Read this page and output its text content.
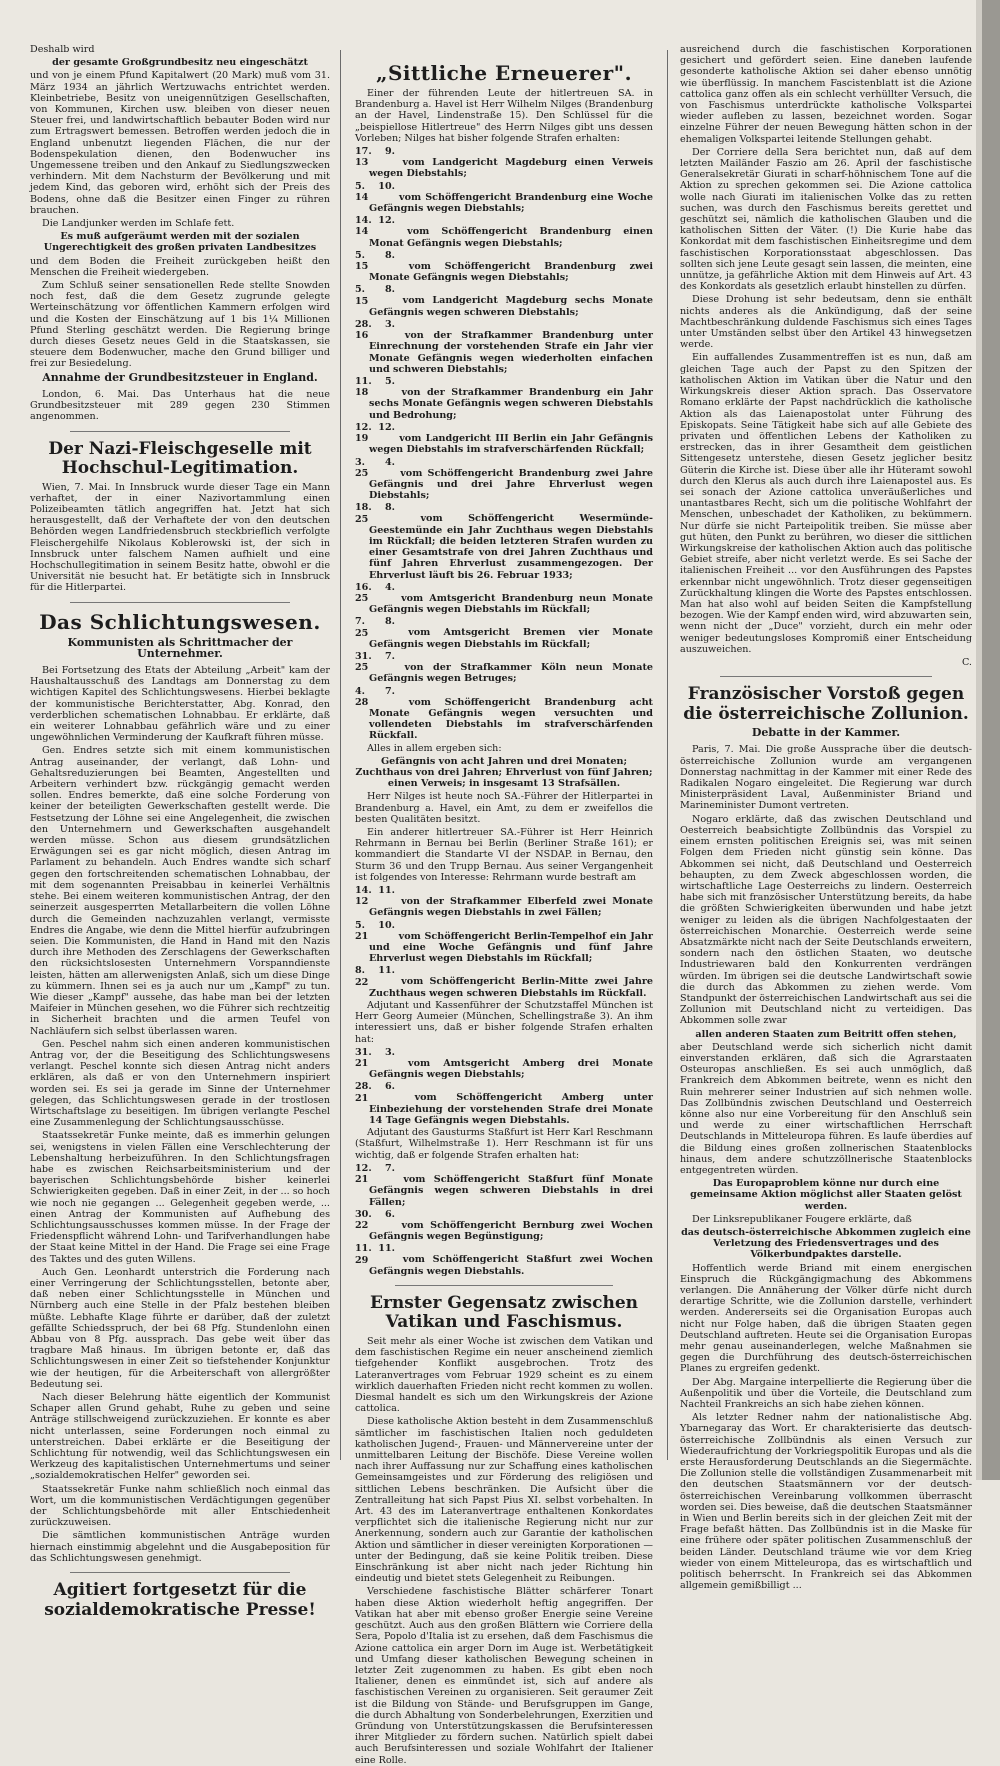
Deshalb wird

der gesamte Großgrundbesitz neu eingeschätzt

und von je einem Pfund Kapitalwert (20 Mark) muß vom 31. März 1934 an jährlich Wertzuwachs entrichtet werden. Kleinbetriebe, Besitz von uneigennützigen Gesellschaften, von Kommunen, Kirchen usw. bleiben von dieser neuen Steuer frei, und landwirtschaftlich bebauter Boden wird nur zum Ertragswert bemessen. Betroffen werden jedoch die in England unbenutzt liegenden Flächen, die nur der Bodenspekulation dienen, den Bodenwucher ins Ungemessene treiben und den Ankauf zu Siedlungszwecken verhindern. Mit dem Nachsturm der Bevölkerung und mit jedem Kind, das geboren wird, erhöht sich der Preis des Bodens, ohne daß die Besitzer einen Finger zu rühren brauchen.

Die Landjunker werden im Schlafe fett.

Es muß aufgeräumt werden mit der sozialen Ungerechtigkeit des großen privaten Landbesitzes

und dem Boden die Freiheit zurückgeben heißt den Menschen die Freiheit wiedergeben.

Zum Schluß seiner sensationellen Rede stellte Snowden noch fest, daß die dem Gesetz zugrunde gelegte Werteinschätzung vor öffentlichen Kammern erfolgen wird und die Kosten der Einschätzung auf 1 bis 1¼ Millionen Pfund Sterling geschätzt werden. Die Regierung bringe durch dieses Gesetz neues Geld in die Staatskassen, sie steuere dem Bodenwucher, mache den Grund billiger und frei zur Besiedelung.

Annahme der Grundbesitzsteuer in England.

London, 6. Mai. Das Unterhaus hat die neue Grundbesitzsteuer mit 289 gegen 230 Stimmen angenommen.

Der Nazi-Fleischgeselle mit Hochschul-Legitimation.

Wien, 7. Mai. In Innsbruck wurde dieser Tage ein Mann verhaftet, der in einer Nazivortammlung einen Polizeibeamten tätlich angegriffen hat. Jetzt hat sich herausgestellt, daß der Verhaftete der von den deutschen Behörden wegen Landfriedensbruch steckbrieflich verfolgte Fleischergehilfe Nikolaus Koblerowski ist, der sich in Innsbruck unter falschem Namen aufhielt und eine Hochschullegitimation in seinem Besitz hatte, obwohl er die Universität nie besucht hat. Er betätigte sich in Innsbruck für die Hitlerpartei.

Das Schlichtungswesen.
Kommunisten als Schrittmacher der Unternehmer.

Bei Fortsetzung des Etats der Abteilung „Arbeit" kam der Haushaltausschuß des Landtags am Donnerstag zu dem wichtigen Kapitel des Schlichtungswesens. Hierbei beklagte der kommunistische Berichterstatter, Abg. Konrad, den verderblichen schematischen Lohnabbau. Er erklärte, daß ein weiterer Lohnabbau gefährlich wäre und zu einer ungewöhnlichen Verminderung der Kaufkraft führen müsse.

Gen. Endres setzte sich mit einem kommunistischen Antrag auseinander, der verlangt, daß Lohn- und Gehaltsreduzierungen bei Beamten, Angestellten und Arbeitern verhindert bzw. rückgängig gemacht werden sollen. Endres bemerkte, daß eine solche Forderung von keiner der beteiligten Gewerkschaften gestellt werde. Die Festsetzung der Löhne sei eine Angelegenheit, die zwischen den Unternehmern und Gewerkschaften ausgehandelt werden müsse. Schon aus diesem grundsätzlichen Erwägungen sei es gar nicht möglich, diesen Antrag im Parlament zu behandeln. Auch Endres wandte sich scharf gegen den fortschreitenden schematischen Lohnabbau, der mit dem sogenannten Preisabbau in keinerlei Verhältnis stehe. Bei einem weiteren kommunistischen Antrag, der den seinerzeit ausgesperrten Metallarbeitern die vollen Löhne durch die Gemeinden nachzuzahlen verlangt, vermisste Endres die Angabe, wie denn die Mittel hierfür aufzubringen seien. Die Kommunisten, die Hand in Hand mit den Nazis durch ihre Methoden des Zerschlagens der Gewerkschaften den rücksichtslosesten Unternehmern Vorspanndienste leisten, hätten am allerwenigsten Anlaß, sich um diese Dinge zu kümmern. Ihnen sei es ja auch nur um „Kampf" zu tun. Wie dieser „Kampf" aussehe, das habe man bei der letzten Maifeier in München gesehen, wo die Führer sich rechtzeitig in Sicherheit brachten und die armen Teufel von Nachläufern sich selbst überlassen waren.

Gen. Peschel nahm sich einen anderen kommunistischen Antrag vor, der die Beseitigung des Schlichtungswesens verlangt. Peschel konnte sich diesen Antrag nicht anders erklären, als daß er von den Unternehmern inspiriert worden sei. Es sei ja gerade im Sinne der Unternehmer gelegen, das Schlichtungswesen gerade in der trostlosen Wirtschaftslage zu beseitigen. Im übrigen verlangte Peschel eine Zusammenlegung der Schlichtungsausschüsse.

Staatssekretär Funke meinte, daß es immerhin gelungen sei, wenigstens in vielen Fällen eine Verschlechterung der Lebenshaltung herbeizuführen. In den Schlichtungsfragen habe es zwischen Reichsarbeitsministerium und der bayerischen Schlichtungsbehörde bisher keinerlei Schwierigkeiten gegeben. Daß in einer Zeit, in der ... so hoch wie noch nie gegangen ... Gelegenheit gegeben werde, ... einen Antrag der Kommunisten auf Aufhebung des Schlichtungsausschusses kommen müsse. In der Frage der Friedenspflicht während Lohn- und Tarifverhandlungen habe der Staat keine Mittel in der Hand. Die Frage sei eine Frage des Taktes und des guten Willens.

Auch Gen. Leonhardt unterstrich die Forderung nach einer Verringerung der Schlichtungsstellen, betonte aber, daß neben einer Schlichtungsstelle in München und Nürnberg auch eine Stelle in der Pfalz bestehen bleiben müßte. Lebhafte Klage führte er darüber, daß der zuletzt gefällte Schiedsspruch, der bei 68 Pfg. Stundenlohn einen Abbau von 8 Pfg. aussprach. Das gebe weit über das tragbare Maß hinaus. Im übrigen betonte er, daß das Schlichtungswesen in einer Zeit so tiefstehender Konjunktur wie der heutigen, für die Arbeiterschaft von allergrößter Bedeutung sei.

Nach dieser Belehrung hätte eigentlich der Kommunist Schaper allen Grund gehabt, Ruhe zu geben und seine Anträge stillschweigend zurückzuziehen. Er konnte es aber nicht unterlassen, seine Forderungen noch einmal zu unterstreichen. Dabei erklärte er die Beseitigung der Schlichtung für notwendig, weil das Schlichtungswesen ein Werkzeug des kapitalistischen Unternehmertums und seiner „sozialdemokratischen Helfer" geworden sei.

Staatssekretär Funke nahm schließlich noch einmal das Wort, um die kommunistischen Verdächtigungen gegenüber der Schlichtungsbehörde mit aller Entschiedenheit zurückzuweisen.

Die sämtlichen kommunistischen Anträge wurden hiernach einstimmig abgelehnt und die Ausgabeposition für das Schlichtungswesen genehmigt.

Agitiert fortgesetzt für die sozialdemokratische Presse!
„Sittliche Erneuerer".

Einer der führenden Leute der hitlertreuen SA. in Brandenburg a. Havel ist Herr Wilhelm Nilges (Brandenburg an der Havel, Lindenstraße 15). Den Schlüssel für die „beispiellose Hitlertreue" des Herrn Nilges gibt uns dessen Vorleben; Nilges hat bisher folgende Strafen erhalten:

17. 9. 13	vom Landgericht Magdeburg einen Verweis wegen Diebstahls;

5. 10. 14	vom Schöffengericht Brandenburg eine Woche Gefängnis wegen Diebstahls;

14. 12. 14	vom Schöffengericht Brandenburg einen Monat Gefängnis wegen Diebstahls;

5. 8. 15	vom Schöffengericht Brandenburg zwei Monate Gefängnis wegen Diebstahls;

5. 8. 15	vom Landgericht Magdeburg sechs Monate Gefängnis wegen schweren Diebstahls;

28. 3. 16	von der Strafkammer Brandenburg unter Einrechnung der vorstehenden Strafe ein Jahr vier Monate Gefängnis wegen wiederholten einfachen und schweren Diebstahls;

11. 5. 18	von der Strafkammer Brandenburg ein Jahr sechs Monate Gefängnis wegen schweren Diebstahls und Bedrohung;

12. 12. 19	vom Landgericht III Berlin ein Jahr Gefängnis wegen Diebstahls im strafverschärfenden Rückfall;

3. 4. 25	vom Schöffengericht Brandenburg zwei Jahre Gefängnis und drei Jahre Ehrverlust wegen Diebstahls;

18. 8. 25	vom Schöffengericht Wesermünde-Geestemünde ein Jahr Zuchthaus wegen Diebstahls im Rückfall; die beiden letzteren Strafen wurden zu einer Gesamtstrafe von drei Jahren Zuchthaus und fünf Jahren Ehrverlust zusammengezogen. Der Ehrverlust läuft bis 26. Februar 1933;

16. 4. 25	vom Amtsgericht Brandenburg neun Monate Gefängnis wegen Diebstahls im Rückfall;

7. 8. 25	vom Amtsgericht Bremen vier Monate Gefängnis wegen Diebstahls im Rückfall;

31. 7. 25	von der Strafkammer Köln neun Monate Gefängnis wegen Betruges;

4. 7. 28	vom Schöffengericht Brandenburg acht Monate Gefängnis wegen versuchten und vollendeten Diebstahls im strafverschärfenden Rückfall.

Alles in allem ergeben sich:

Gefängnis von acht Jahren und drei Monaten; Zuchthaus von drei Jahren; Ehrverlust von fünf Jahren; einen Verweis; in insgesamt 13 Strafsällen.

Herr Nilges ist heute noch SA.-Führer der Hitlerpartei in Brandenburg a. Havel, ein Amt, zu dem er zweifellos die besten Qualitäten besitzt.

Ein anderer hitlertreuer SA.-Führer ist Herr Heinrich Rehrmann in Bernau bei Berlin (Berliner Straße 161); er kommandiert die Standarte VI der NSDAP. in Bernau, den Sturm 36 und den Trupp Bernau. Aus seiner Vergangenheit ist folgendes von Interesse: Rehrmann wurde bestraft am

14. 11. 12	von der Strafkammer Elberfeld zwei Monate Gefängnis wegen Diebstahls in zwei Fällen;

5. 10. 21	vom Schöffengericht Berlin-Tempelhof ein Jahr und eine Woche Gefängnis und fünf Jahre Ehrverlust wegen Diebstahls im Rückfall;

8. 11. 22	vom Schöffengericht Berlin-Mitte zwei Jahre Zuchthaus wegen schweren Diebstahls im Rückfall.

Adjutant und Kassenführer der Schutzstaffel München ist Herr Georg Aumeier (München, Schellingstraße 3). An ihm interessiert uns, daß er bisher folgende Strafen erhalten hat:

31. 3. 21	vom Amtsgericht Amberg drei Monate Gefängnis wegen Diebstahls;

28. 6. 21	vom Schöffengericht Amberg unter Einbeziehung der vorstehenden Strafe drei Monate 14 Tage Gefängnis wegen Diebstahls.

Adjutant des Gausturms Staßfurt ist Herr Karl Reschmann (Staßfurt, Wilhelmstraße 1). Herr Reschmann ist für uns wichtig, daß er folgende Strafen erhalten hat:

12. 7. 21	vom Schöffengericht Staßfurt fünf Monate Gefängnis wegen schweren Diebstahls in drei Fällen;

30. 6. 22	vom Schöffengericht Bernburg zwei Wochen Gefängnis wegen Begünstigung;

11. 11. 29	vom Schöffengericht Staßfurt zwei Wochen Gefängnis wegen Diebstahls.

Ernster Gegensatz zwischen Vatikan und Faschismus.

Seit mehr als einer Woche ist zwischen dem Vatikan und dem faschistischen Regime ein neuer anscheinend ziemlich tiefgehender Konflikt ausgebrochen. Trotz des Lateranvertrages vom Februar 1929 scheint es zu einem wirklich dauerhaften Frieden nicht recht kommen zu wollen. Diesmal handelt es sich um den Wirkungskreis der Azione cattolica.

Diese katholische Aktion besteht in dem Zusammenschluß sämtlicher im faschistischen Italien noch geduldeten katholischen Jugend-, Frauen- und Männervereine unter der unmittelbaren Leitung der Bischöfe. Diese Vereine wollen nach ihrer Auffassung nur zur Schaffung eines katholischen Gemeinsamgeistes und zur Förderung des religiösen und sittlichen Lebens beschränken. Die Aufsicht über die Zentralleitung hat sich Papst Pius XI. selbst vorbehalten. In Art. 43 des im Lateranvertrage enthaltenen Konkordates verpflichtet sich die italienische Regierung nicht nur zur Anerkennung, sondern auch zur Garantie der katholischen Aktion und sämtlicher in dieser vereinigten Korporationen — unter der Bedingung, daß sie keine Politik treiben. Diese Einschränkung ist aber nicht nach jeder Richtung hin eindeutig und bietet stets Gelegenheit zu Reibungen.

Verschiedene faschistische Blätter schärferer Tonart haben diese Aktion wiederholt heftig angegriffen. Der Vatikan hat aber mit ebenso großer Energie seine Vereine geschützt. Auch aus den großen Blättern wie Corriere della Sera, Popolo d'Italia ist zu ersehen, daß dem Faschismus die Azione cattolica ein arger Dorn im Auge ist. Werbetätigkeit und Umfang dieser katholischen Bewegung scheinen in letzter Zeit zugenommen zu haben. Es gibt eben noch Italiener, denen es einmündet ist, sich auf andere als faschistischen Vereinen zu organisieren. Seit geraumer Zeit ist die Bildung von Stände- und Berufsgruppen im Gange, die durch Abhaltung von Sonderbelehrungen, Exerzitien und Gründung von Unterstützungskassen die Berufsinteressen ihrer Mitglieder zu fördern suchen. Natürlich spielt dabei auch Berufsinteressen und soziale Wohlfahrt der Italiener eine Rolle.

ausreichend durch die faschistischen Korporationen gesichert und gefördert seien. Eine daneben laufende gesonderte katholische Aktion sei daher ebenso unnötig wie überflüssig. In manchem Fascistenblatt ist die Azione cattolica ganz offen als ein schlecht verhüllter Versuch, die von Faschismus unterdrückte katholische Volkspartei wieder aufleben zu lassen, bezeichnet worden. Sogar einzelne Führer der neuen Bewegung hätten schon in der ehemaligen Volkspartei leitende Stellungen gehabt.

Der Corriere della Sera berichtet nun, daß auf dem letzten Mailänder Faszio am 26. April der faschistische Generalsekretär Giurati in scharf-höhnischem Tone auf die Aktion zu sprechen gekommen sei. Die Azione cattolica wolle nach Giurati im italienischen Volke das zu retten suchen, was durch den Faschismus bereits gerettet und geschützt sei, nämlich die katholischen Glauben und die katholischen Sitten der Väter. (!) Die Kurie habe das Konkordat mit dem faschistischen Einheitsregime und dem faschistischen Korporationsstaat abgeschlossen. Das sollten sich jene Leute gesagt sein lassen, die meinten, eine unnütze, ja gefährliche Aktion mit dem Hinweis auf Art. 43 des Konkordats als gesetzlich erlaubt hinstellen zu dürfen.

Diese Drohung ist sehr bedeutsam, denn sie enthält nichts anderes als die Ankündigung, daß der seine Machtbeschränkung duldende Faschismus sich eines Tages unter Umständen selbst über den Artikel 43 hinwegsetzen werde.

Ein auffallendes Zusammentreffen ist es nun, daß am gleichen Tage auch der Papst zu den Spitzen der katholischen Aktion im Vatikan über die Natur und den Wirkungskreis dieser Aktion sprach. Das Osservatore Romano erklärte der Papst nachdrücklich die katholische Aktion als das Laienapostolat unter Führung des Episkopats. Seine Tätigkeit habe sich auf alle Gebiete des privaten und öffentlichen Lebens der Katholiken zu erstrecken, das in ihrer Gesamtheit dem geistlichen Sittengesetz unterstehe, diesen Gesetz jeglicher besitz Güterin die Kirche ist. Diese über alle ihr Hüteramt sowohl durch den Klerus als auch durch ihre Laienapostel aus. Es sei sonach der Azione cattolica unveräußerliches und unantastbares Recht, sich um die politische Wohlfahrt der Menschen, unbeschadet der Katholiken, zu bekümmern. Nur dürfe sie nicht Parteipolitik treiben. Sie müsse aber gut hüten, den Punkt zu berühren, wo dieser die sittlichen Wirkungskreise der katholischen Aktion auch das politische Gebiet streife, aber nicht verletzt werde. Es sei Sache der italienischen Freiheit ... vor den Ausführungen des Papstes erkennbar nicht ungewöhnlich. Trotz dieser gegenseitigen Zurückhaltung klingen die Worte des Papstes entschlossen. Man hat also wohl auf beiden Seiten die Kampfstellung bezogen. Wie der Kampf enden wird, wird abzuwarten sein, wenn nicht der „Duce" vorzieht, durch ein mehr oder weniger bedeutungsloses Kompromiß einer Entscheidung auszuweichen.

C.
Französischer Vorstoß gegen die österreichische Zollunion.
Debatte in der Kammer.

Paris, 7. Mai. Die große Aussprache über die deutsch-österreichische Zollunion wurde am vergangenen Donnerstag nachmittag in der Kammer mit einer Rede des Radikalen Nogaro eingeleitet. Die Regierung war durch Ministerpräsident Laval, Außenminister Briand und Marineminister Dumont vertreten.

Nogaro erklärte, daß das zwischen Deutschland und Oesterreich beabsichtigte Zollbündnis das Vorspiel zu einem ernsten politischen Ereignis sei, was mit seinen Folgen dem Frieden nicht günstig sein könne. Das Abkommen sei nicht, daß Deutschland und Oesterreich behaupten, zu dem Zweck abgeschlossen worden, die wirtschaftliche Lage Oesterreichs zu lindern. Oesterreich habe sich mit französischer Unterstützung bereits, da habe die größten Schwierigkeiten überwunden und habe jetzt weniger zu leiden als die übrigen Nachfolgestaaten der österreichischen Monarchie. Oesterreich werde seine Absatzmärkte nicht nach der Seite Deutschlands erweitern, sondern nach den östlichen Staaten, wo deutsche Industriewaren bald den Konkurrenten verdrängen würden. Im übrigen sei die deutsche Landwirtschaft sowie die durch das Abkommen zu ziehen werde. Vom Standpunkt der österreichischen Landwirtschaft aus sei die Zollunion mit Deutschland nicht zu verteidigen. Das Abkommen solle zwar

allen anderen Staaten zum Beitritt offen stehen,

aber Deutschland werde sich sicherlich nicht damit einverstanden erklären, daß sich die Agrarstaaten Osteuropas anschließen. Es sei auch unmöglich, daß Frankreich dem Abkommen beitrete, wenn es nicht den Ruin mehrerer seiner Industrien auf sich nehmen wolle. Das Zollbündnis zwischen Deutschland und Oesterreich könne also nur eine Vorbereitung für den Anschluß sein und werde zu einer wirtschaftlichen Herrschaft Deutschlands in Mitteleuropa führen. Es laufe überdies auf die Bildung eines großen zollnerischen Staatenblocks hinaus, dem andere schutzzöllnerische Staatenblocks entgegentreten würden.

Das Europaproblem könne nur durch eine gemeinsame Aktion möglichst aller Staaten gelöst werden.

Der Linksrepublikaner Fougere erklärte, daß

das deutsch-österreichische Abkommen zugleich eine Verletzung des Friedensvertrages und des Völkerbundpaktes darstelle.

Hoffentlich werde Briand mit einem energischen Einspruch die Rückgängigmachung des Abkommens verlangen. Die Annäherung der Völker dürfe nicht durch derartige Schritte, wie die Zollunion darstelle, verhindert werden. Andererseits sei die Organisation Europas auch nicht nur Folge haben, daß die übrigen Staaten gegen Deutschland auftreten. Heute sei die Organisation Europas mehr genau auseinanderlegen, welche Maßnahmen sie gegen die Durchführung des deutsch-österreichischen Planes zu ergreifen gedenkt.

Der Abg. Margaine interpellierte die Regierung über die Außenpolitik und über die Vorteile, die Deutschland zum Nachteil Frankreichs an sich habe ziehen können.

Als letzter Redner nahm der nationalistische Abg. Ybarnegaray das Wort. Er charakterisierte das deutsch-österreichische Zollbündnis als einen Versuch zur Wiederaufrichtung der Vorkriegspolitik Europas und als die erste Herausforderung Deutschlands an die Siegermächte. Die Zollunion stelle die vollständigen Zusammenarbeit mit den deutschen Staatsmännern vor der deutsch-österreichischen Vereinbarung vollkommen überrascht worden sei. Dies beweise, daß die deutschen Staatsmänner in Wien und Berlin bereits sich in der gleichen Zeit mit der Frage befaßt hätten. Das Zollbündnis ist in die Maske für eine frühere oder später politischen Zusammenschluß der beiden Länder. Deutschland träume wie vor dem Krieg wieder von einem Mitteleuropa, das es wirtschaftlich und politisch beherrscht. In Frankreich sei das Abkommen allgemein gemißbilligt ...
